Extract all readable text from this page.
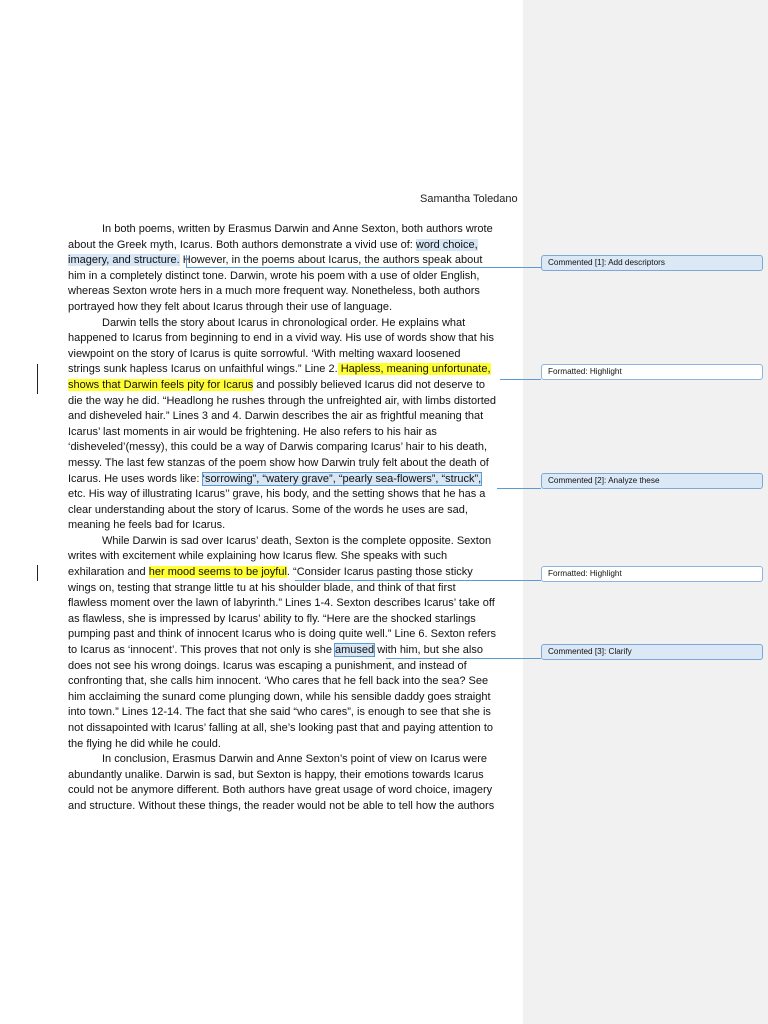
Samantha Toledano
In both poems, written by Erasmus Darwin and Anne Sexton, both authors wrote
about the Greek myth, Icarus. Both authors demonstrate a vivid use of: word choice,
imagery, and structure. However, in the poems about Icarus, the authors speak about
him in a completely distinct tone. Darwin, wrote his poem with a use of older English,
whereas Sexton wrote hers in a much more frequent way. Nonetheless, both authors
portrayed how they felt about Icarus through their use of language.
Darwin tells the story about Icarus in chronological order. He explains what
happened to Icarus from beginning to end in a vivid way. His use of words show that his
viewpoint on the story of Icarus is quite sorrowful. ‘With melting waxard loosened
strings sunk hapless Icarus on unfaithful wings.” Line 2. Hapless, meaning unfortunate,
shows that Darwin feels pity for Icarus and possibly believed Icarus did not deserve to
die the way he did. “Headlong he rushes through the unfreighted air, with limbs distorted
and disheveled hair.” Lines 3 and 4. Darwin describes the air as frightful meaning that
Icarus’ last moments in air would be frightening. He also refers to his hair as
‘disheveled’(messy), this could be a way of Darwis comparing Icarus’ hair to his death,
messy. The last few stanzas of the poem show how Darwin truly felt about the death of
Icarus. He uses words like: ‘sorrowing”, “watery grave”, “pearly sea-flowers”, “struck”,
etc. His way of illustrating Icarus’’ grave, his body, and the setting shows that he has a
clear understanding about the story of Icarus. Some of the words he uses are sad,
meaning he feels bad for Icarus.
While Darwin is sad over Icarus’ death, Sexton is the complete opposite. Sexton
writes with excitement while explaining how Icarus flew. She speaks with such
exhilaration and her mood seems to be joyful. “Consider Icarus pasting those sticky
wings on, testing that strange little tu at his shoulder blade, and think of that first
flawless moment over the lawn of labyrinth.” Lines 1-4. Sexton describes Icarus’ take off
as flawless, she is impressed by Icarus’ ability to fly. “Here are the shocked starlings
pumping past and think of innocent Icarus who is doing quite well.” Line 6. Sexton refers
to Icarus as ‘innocent’. This proves that not only is she amused with him, but she also
does not see his wrong doings. Icarus was escaping a punishment, and instead of
confronting that, she calls him innocent. ‘Who cares that he fell back into the sea? See
him acclaiming the sunard come plunging down, while his sensible daddy goes straight
into town.” Lines 12-14. The fact that she said “who cares”, is enough to see that she is
not dissapointed with Icarus’ falling at all, she’s looking past that and paying attention to
the flying he did while he could.
In conclusion, Erasmus Darwin and Anne Sexton’s point of view on Icarus were
abundantly unalike. Darwin is sad, but Sexton is happy, their emotions towards Icarus
could not be anymore different. Both authors have great usage of word choice, imagery
and structure. Without these things, the reader would not be able to tell how the authors
Commented [1]: Add descriptors
Formatted: Highlight
Commented [2]: Analyze these
Formatted: Highlight
Commented [3]: Clarify
